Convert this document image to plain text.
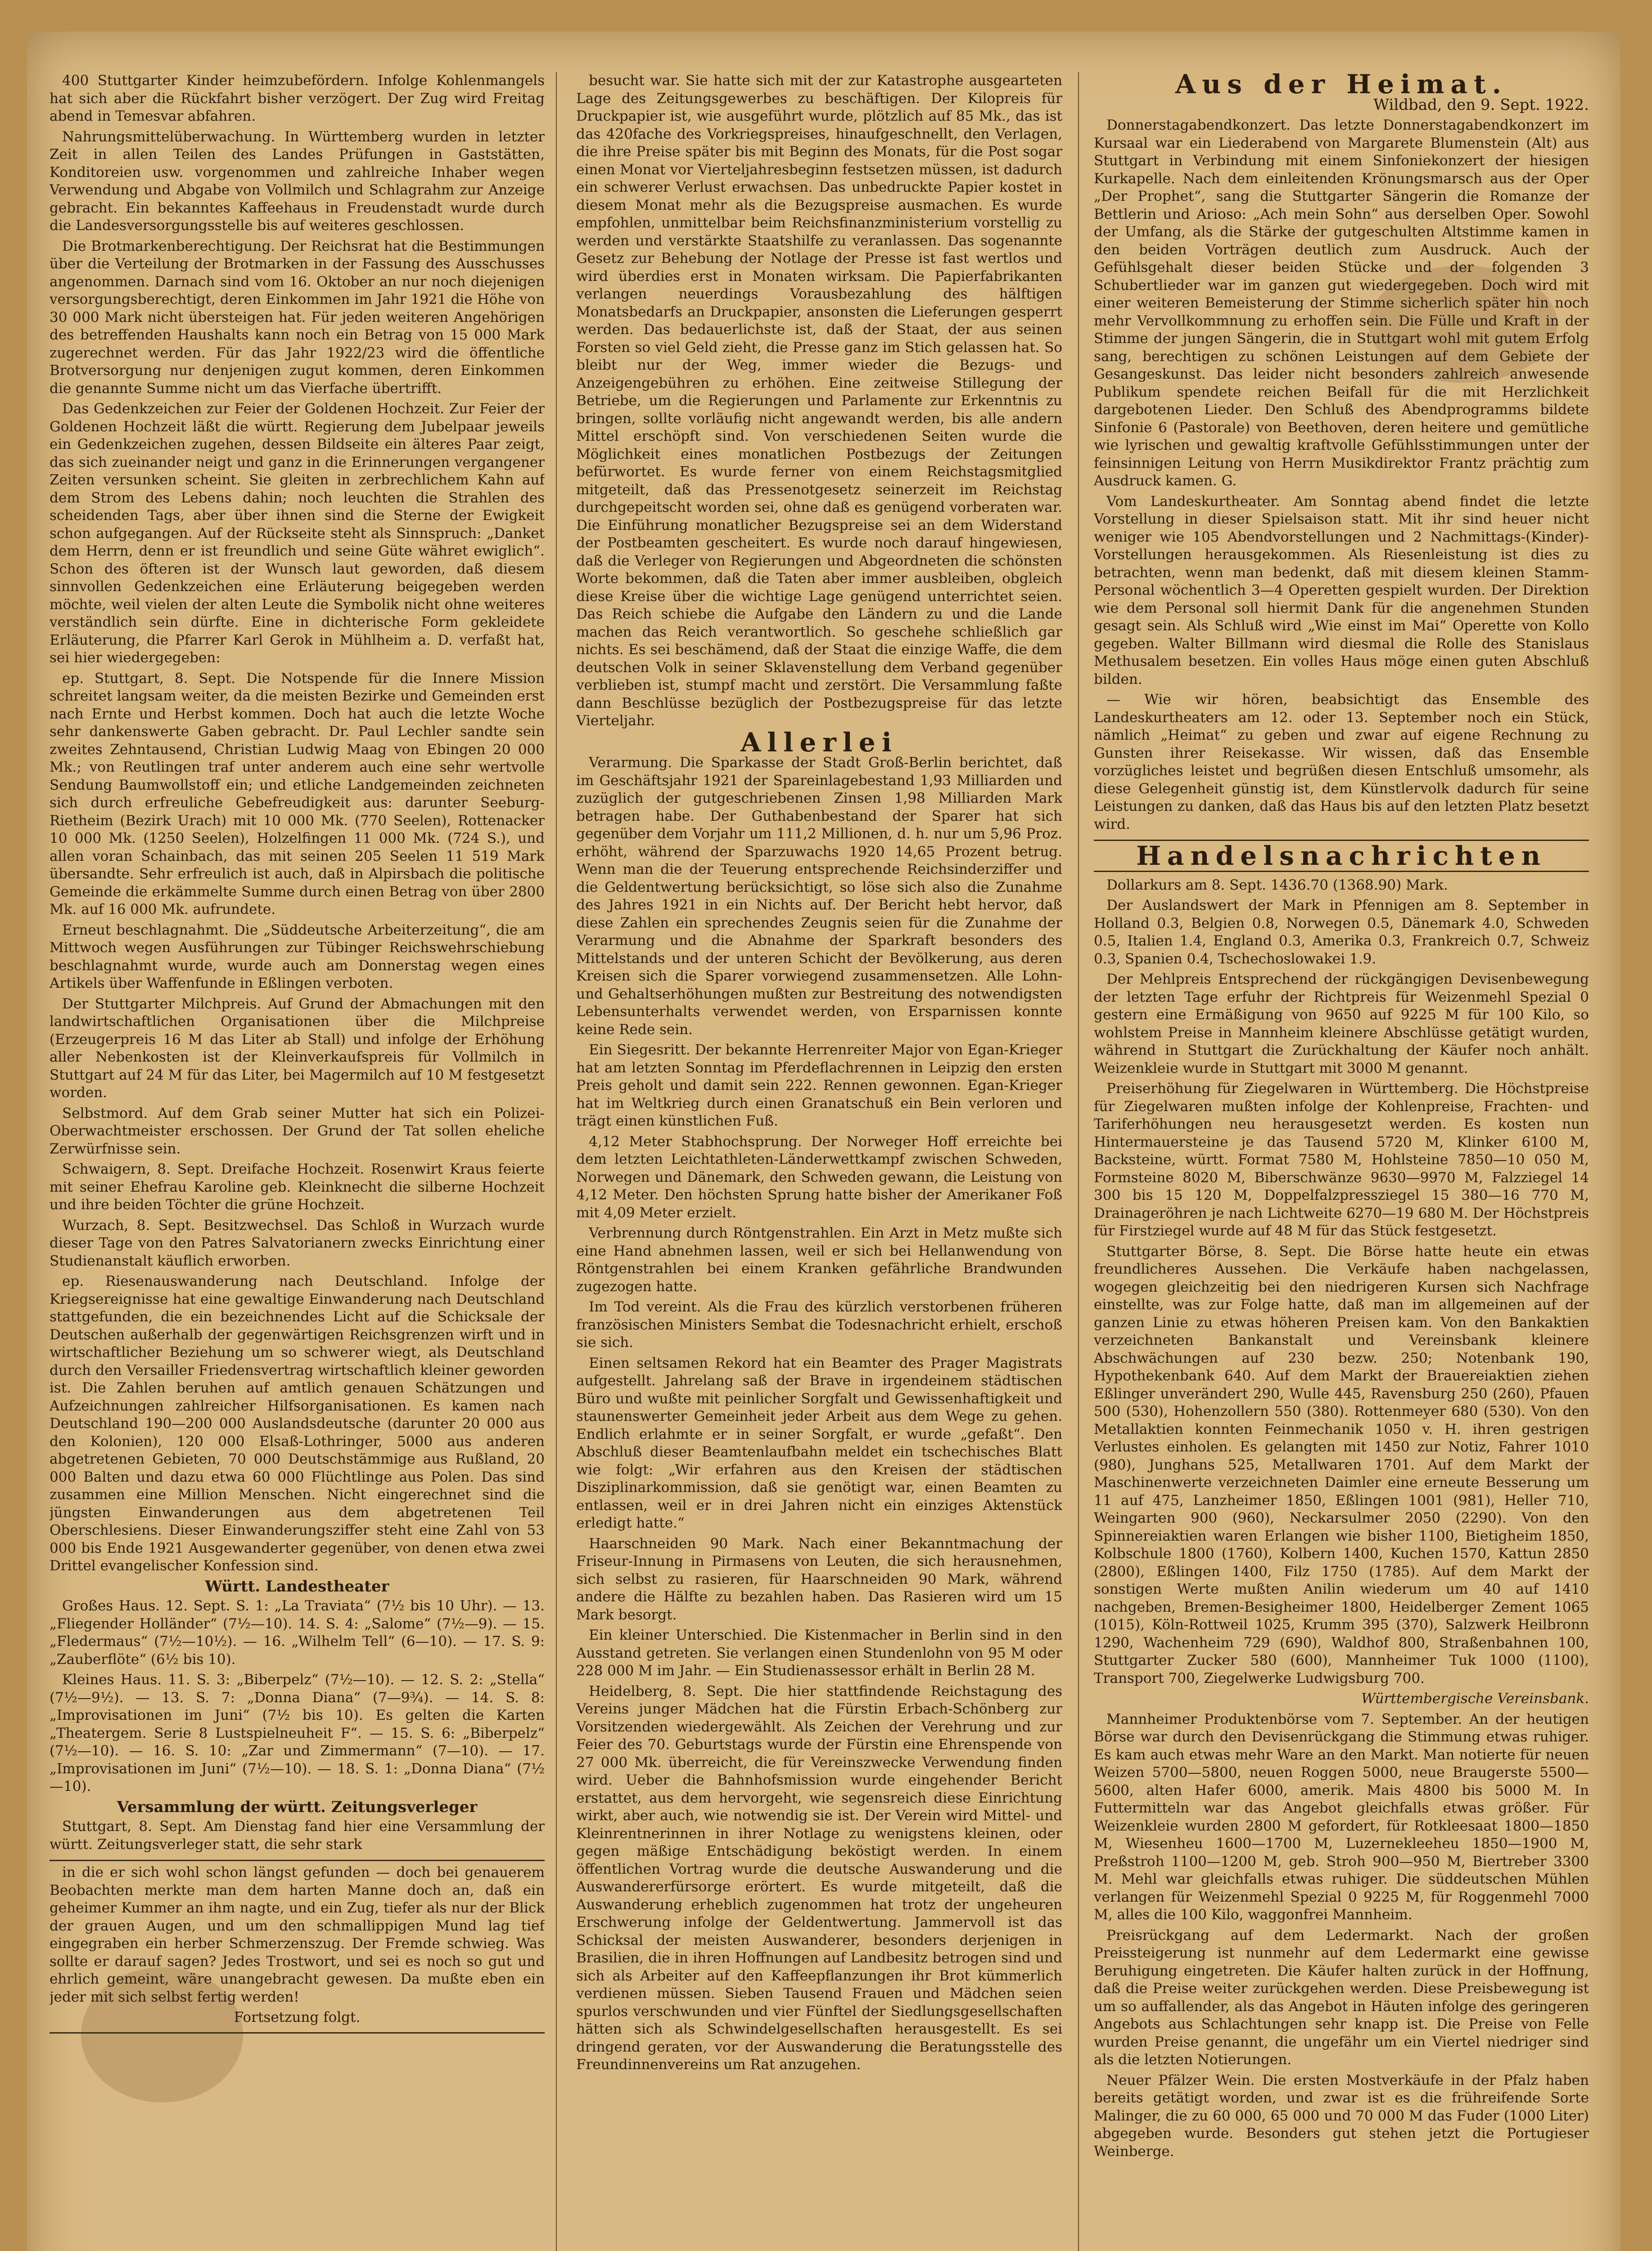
400 Stuttgarter Kinder heimzubefördern. Infolge Kohlenmangels hat sich aber die Rückfahrt bisher verzögert. Der Zug wird Freitag abend in Temesvar abfahren.

Nahrungsmittelüberwachung. In Württemberg wurden in letzter Zeit in allen Teilen des Landes Prüfungen in Gaststätten, Konditoreien usw. vorgenommen und zahlreiche Inhaber wegen Verwendung und Abgabe von Vollmilch und Schlagrahm zur Anzeige gebracht. Ein bekanntes Kaffeehaus in Freudenstadt wurde durch die Landesversorgungsstelle bis auf weiteres geschlossen.

Die Brotmarkenberechtigung. Der Reichsrat hat die Bestimmungen über die Verteilung der Brotmarken in der Fassung des Ausschusses angenommen. Darnach sind vom 16. Oktober an nur noch diejenigen versorgungsberechtigt, deren Einkommen im Jahr 1921 die Höhe von 30 000 Mark nicht übersteigen hat. Für jeden weiteren Angehörigen des betreffenden Haushalts kann noch ein Betrag von 15 000 Mark zugerechnet werden. Für das Jahr 1922/23 wird die öffentliche Brotversorgung nur denjenigen zugut kommen, deren Einkommen die genannte Summe nicht um das Vierfache übertrifft.

Das Gedenkzeichen zur Feier der Goldenen Hochzeit. Zur Feier der Goldenen Hochzeit läßt die württ. Regierung dem Jubelpaar jeweils ein Gedenkzeichen zugehen, dessen Bildseite ein älteres Paar zeigt, das sich zueinander neigt und ganz in die Erinnerungen vergangener Zeiten versunken scheint. Sie gleiten in zerbrechlichem Kahn auf dem Strom des Lebens dahin; noch leuchten die Strahlen des scheidenden Tags, aber über ihnen sind die Sterne der Ewigkeit schon aufgegangen. Auf der Rückseite steht als Sinnspruch: „Danket dem Herrn, denn er ist freundlich und seine Güte währet ewiglich“. Schon des öfteren ist der Wunsch laut geworden, daß diesem sinnvollen Gedenkzeichen eine Erläuterung beigegeben werden möchte, weil vielen der alten Leute die Symbolik nicht ohne weiteres verständlich sein dürfte. Eine in dichterische Form gekleidete Erläuterung, die Pfarrer Karl Gerok in Mühlheim a. D. verfaßt hat, sei hier wiedergegeben:

ep. Stuttgart, 8. Sept. Die Notspende für die Innere Mission schreitet langsam weiter, da die meisten Bezirke und Gemeinden erst nach Ernte und Herbst kommen. Doch hat auch die letzte Woche sehr dankenswerte Gaben gebracht. Dr. Paul Lechler sandte sein zweites Zehntausend, Christian Ludwig Maag von Ebingen 20 000 Mk.; von Reutlingen traf unter anderem auch eine sehr wertvolle Sendung Baumwollstoff ein; und etliche Landgemeinden zeichneten sich durch erfreuliche Gebefreudigkeit aus: darunter Seeburg-Rietheim (Bezirk Urach) mit 10 000 Mk. (770 Seelen), Rottenacker 10 000 Mk. (1250 Seelen), Holzelfingen 11 000 Mk. (724 S.), und allen voran Schainbach, das mit seinen 205 Seelen 11 519 Mark übersandte. Sehr erfreulich ist auch, daß in Alpirsbach die politische Gemeinde die erkämmelte Summe durch einen Betrag von über 2800 Mk. auf 16 000 Mk. aufrundete.

Erneut beschlagnahmt. Die „Süddeutsche Arbeiterzeitung“, die am Mittwoch wegen Ausführungen zur Tübinger Reichswehrschiebung beschlagnahmt wurde, wurde auch am Donnerstag wegen eines Artikels über Waffenfunde in Eßlingen verboten.

Der Stuttgarter Milchpreis. Auf Grund der Abmachungen mit den landwirtschaftlichen Organisationen über die Milchpreise (Erzeugerpreis 16 M das Liter ab Stall) und infolge der Erhöhung aller Nebenkosten ist der Kleinverkaufspreis für Vollmilch in Stuttgart auf 24 M für das Liter, bei Magermilch auf 10 M festgesetzt worden.

Selbstmord. Auf dem Grab seiner Mutter hat sich ein Polizei-Oberwachtmeister erschossen. Der Grund der Tat sollen eheliche Zerwürfnisse sein.

Schwaigern, 8. Sept. Dreifache Hochzeit. Rosenwirt Kraus feierte mit seiner Ehefrau Karoline geb. Kleinknecht die silberne Hochzeit und ihre beiden Töchter die grüne Hochzeit.

Wurzach, 8. Sept. Besitzwechsel. Das Schloß in Wurzach wurde dieser Tage von den Patres Salvatorianern zwecks Einrichtung einer Studienanstalt käuflich erworben.

ep. Riesenauswanderung nach Deutschland. Infolge der Kriegsereignisse hat eine gewaltige Einwanderung nach Deutschland stattgefunden, die ein bezeichnendes Licht auf die Schicksale der Deutschen außerhalb der gegenwärtigen Reichsgrenzen wirft und in wirtschaftlicher Beziehung um so schwerer wiegt, als Deutschland durch den Versailler Friedensvertrag wirtschaftlich kleiner geworden ist. Die Zahlen beruhen auf amtlich genauen Schätzungen und Aufzeichnungen zahlreicher Hilfsorganisationen. Es kamen nach Deutschland 190—200 000 Auslandsdeutsche (darunter 20 000 aus den Kolonien), 120 000 Elsaß-Lothringer, 5000 aus anderen abgetretenen Gebieten, 70 000 Deutschstämmige aus Rußland, 20 000 Balten und dazu etwa 60 000 Flüchtlinge aus Polen. Das sind zusammen eine Million Menschen. Nicht eingerechnet sind die jüngsten Einwanderungen aus dem abgetretenen Teil Oberschlesiens. Dieser Einwanderungsziffer steht eine Zahl von 53 000 bis Ende 1921 Ausgewanderter gegenüber, von denen etwa zwei Drittel evangelischer Konfession sind.

Württ. Landestheater

Großes Haus. 12. Sept. S. 1: „La Traviata“ (7½ bis 10 Uhr). — 13. „Fliegender Holländer“ (7½—10). 14. S. 4: „Salome“ (7½—9). — 15. „Fledermaus“ (7½—10½). — 16. „Wilhelm Tell“ (6—10). — 17. S. 9: „Zauberflöte“ (6½ bis 10).

Kleines Haus. 11. S. 3: „Biberpelz“ (7½—10). — 12. S. 2: „Stella“ (7½—9½). — 13. S. 7: „Donna Diana“ (7—9¾). — 14. S. 8: „Improvisationen im Juni“ (7½ bis 10). Es gelten die Karten „Theatergem. Serie 8 Lustspielneuheit F“. — 15. S. 6: „Biberpelz“ (7½—10). — 16. S. 10: „Zar und Zimmermann“ (7—10). — 17. „Improvisationen im Juni“ (7½—10). — 18. S. 1: „Donna Diana“ (7½—10).

Versammlung der württ. Zeitungsverleger

Stuttgart, 8. Sept. Am Dienstag fand hier eine Versammlung der württ. Zeitungsverleger statt, die sehr stark

in die er sich wohl schon längst gefunden — doch bei genauerem Beobachten merkte man dem harten Manne doch an, daß ein geheimer Kummer an ihm nagte, und ein Zug, tiefer als nur der Blick der grauen Augen, und um den schmallippigen Mund lag tief eingegraben ein herber Schmerzenszug. Der Fremde schwieg. Was sollte er darauf sagen? Jedes Trostwort, und sei es noch so gut und ehrlich gemeint, wäre unangebracht gewesen. Da mußte eben ein jeder mit sich selbst fertig werden!

Fortsetzung folgt.

besucht war. Sie hatte sich mit der zur Katastrophe ausgearteten Lage des Zeitungsgewerbes zu beschäftigen. Der Kilopreis für Druckpapier ist, wie ausgeführt wurde, plötzlich auf 85 Mk., das ist das 420fache des Vorkriegspreises, hinaufgeschnellt, den Verlagen, die ihre Preise später bis mit Beginn des Monats, für die Post sogar einen Monat vor Vierteljahresbeginn festsetzen müssen, ist dadurch ein schwerer Verlust erwachsen. Das unbedruckte Papier kostet in diesem Monat mehr als die Bezugspreise ausmachen. Es wurde empfohlen, unmittelbar beim Reichsfinanzministerium vorstellig zu werden und verstärkte Staatshilfe zu veranlassen. Das sogenannte Gesetz zur Behebung der Notlage der Presse ist fast wertlos und wird überdies erst in Monaten wirksam. Die Papierfabrikanten verlangen neuerdings Vorausbezahlung des hälftigen Monatsbedarfs an Druckpapier, ansonsten die Lieferungen gesperrt werden. Das bedauerlichste ist, daß der Staat, der aus seinen Forsten so viel Geld zieht, die Presse ganz im Stich gelassen hat. So bleibt nur der Weg, immer wieder die Bezugs- und Anzeigengebühren zu erhöhen. Eine zeitweise Stillegung der Betriebe, um die Regierungen und Parlamente zur Erkenntnis zu bringen, sollte vorläufig nicht angewandt werden, bis alle andern Mittel erschöpft sind. Von verschiedenen Seiten wurde die Möglichkeit eines monatlichen Postbezugs der Zeitungen befürwortet. Es wurde ferner von einem Reichstagsmitglied mitgeteilt, daß das Pressenotgesetz seinerzeit im Reichstag durchgepeitscht worden sei, ohne daß es genügend vorberaten war. Die Einführung monatlicher Bezugspreise sei an dem Widerstand der Postbeamten gescheitert. Es wurde noch darauf hingewiesen, daß die Verleger von Regierungen und Abgeordneten die schönsten Worte bekommen, daß die Taten aber immer ausbleiben, obgleich diese Kreise über die wichtige Lage genügend unterrichtet seien. Das Reich schiebe die Aufgabe den Ländern zu und die Lande machen das Reich verantwortlich. So geschehe schließlich gar nichts. Es sei beschämend, daß der Staat die einzige Waffe, die dem deutschen Volk in seiner Sklavenstellung dem Verband gegenüber verblieben ist, stumpf macht und zerstört. Die Versammlung faßte dann Beschlüsse bezüglich der Postbezugspreise für das letzte Vierteljahr.

Allerlei

Verarmung. Die Sparkasse der Stadt Groß-Berlin berichtet, daß im Geschäftsjahr 1921 der Spareinlagebestand 1,93 Milliarden und zuzüglich der gutgeschriebenen Zinsen 1,98 Milliarden Mark betragen habe. Der Guthabenbestand der Sparer hat sich gegenüber dem Vorjahr um 111,2 Millionen, d. h. nur um 5,96 Proz. erhöht, während der Sparzuwachs 1920 14,65 Prozent betrug. Wenn man die der Teuerung entsprechende Reichsinderziffer und die Geldentwertung berücksichtigt, so löse sich also die Zunahme des Jahres 1921 in ein Nichts auf. Der Bericht hebt hervor, daß diese Zahlen ein sprechendes Zeugnis seien für die Zunahme der Verarmung und die Abnahme der Sparkraft besonders des Mittelstands und der unteren Schicht der Bevölkerung, aus deren Kreisen sich die Sparer vorwiegend zusammensetzen. Alle Lohn- und Gehaltserhöhungen mußten zur Bestreitung des notwendigsten Lebensunterhalts verwendet werden, von Ersparnissen konnte keine Rede sein.

Ein Siegesritt. Der bekannte Herrenreiter Major von Egan-Krieger hat am letzten Sonntag im Pferdeflachrennen in Leipzig den ersten Preis geholt und damit sein 222. Rennen gewonnen. Egan-Krieger hat im Weltkrieg durch einen Granatschuß ein Bein verloren und trägt einen künstlichen Fuß.

4,12 Meter Stabhochsprung. Der Norweger Hoff erreichte bei dem letzten Leichtathleten-Länderwettkampf zwischen Schweden, Norwegen und Dänemark, den Schweden gewann, die Leistung von 4,12 Meter. Den höchsten Sprung hatte bisher der Amerikaner Foß mit 4,09 Meter erzielt.

Verbrennung durch Röntgenstrahlen. Ein Arzt in Metz mußte sich eine Hand abnehmen lassen, weil er sich bei Hellanwendung von Röntgenstrahlen bei einem Kranken gefährliche Brandwunden zugezogen hatte.

Im Tod vereint. Als die Frau des kürzlich verstorbenen früheren französischen Ministers Sembat die Todesnachricht erhielt, erschoß sie sich.

Einen seltsamen Rekord hat ein Beamter des Prager Magistrats aufgestellt. Jahrelang saß der Brave in irgendeinem städtischen Büro und wußte mit peinlicher Sorgfalt und Gewissenhaftigkeit und staunenswerter Gemeinheit jeder Arbeit aus dem Wege zu gehen. Endlich erlahmte er in seiner Sorgfalt, er wurde „gefaßt“. Den Abschluß dieser Beamtenlaufbahn meldet ein tschechisches Blatt wie folgt: „Wir erfahren aus den Kreisen der städtischen Disziplinarkommission, daß sie genötigt war, einen Beamten zu entlassen, weil er in drei Jahren nicht ein einziges Aktenstück erledigt hatte.“

Haarschneiden 90 Mark. Nach einer Bekanntmachung der Friseur-Innung in Pirmasens von Leuten, die sich herausnehmen, sich selbst zu rasieren, für Haarschneiden 90 Mark, während andere die Hälfte zu bezahlen haben. Das Rasieren wird um 15 Mark besorgt.

Ein kleiner Unterschied. Die Kistenmacher in Berlin sind in den Ausstand getreten. Sie verlangen einen Stundenlohn von 95 M oder 228 000 M im Jahr. — Ein Studienassessor erhält in Berlin 28 M.

Heidelberg, 8. Sept. Die hier stattfindende Reichstagung des Vereins junger Mädchen hat die Fürstin Erbach-Schönberg zur Vorsitzenden wiedergewählt. Als Zeichen der Verehrung und zur Feier des 70. Geburtstags wurde der Fürstin eine Ehrenspende von 27 000 Mk. überreicht, die für Vereinszwecke Verwendung finden wird. Ueber die Bahnhofsmission wurde eingehender Bericht erstattet, aus dem hervorgeht, wie segensreich diese Einrichtung wirkt, aber auch, wie notwendig sie ist. Der Verein wird Mittel- und Kleinrentnerinnen in ihrer Notlage zu wenigstens kleinen, oder gegen mäßige Entschädigung beköstigt werden. In einem öffentlichen Vortrag wurde die deutsche Auswanderung und die Auswandererfürsorge erörtert. Es wurde mitgeteilt, daß die Auswanderung erheblich zugenommen hat trotz der ungeheuren Erschwerung infolge der Geldentwertung. Jammervoll ist das Schicksal der meisten Auswanderer, besonders derjenigen in Brasilien, die in ihren Hoffnungen auf Landbesitz betrogen sind und sich als Arbeiter auf den Kaffeepflanzungen ihr Brot kümmerlich verdienen müssen. Sieben Tausend Frauen und Mädchen seien spurlos verschwunden und vier Fünftel der Siedlungsgesellschaften hätten sich als Schwindelgesellschaften herausgestellt. Es sei dringend geraten, vor der Auswanderung die Beratungsstelle des Freundinnenvereins um Rat anzugehen.

Aus der Heimat.
Wildbad, den 9. Sept. 1922.

Donnerstagabendkonzert. Das letzte Donnerstagabendkonzert im Kursaal war ein Liederabend von Margarete Blumenstein (Alt) aus Stuttgart in Verbindung mit einem Sinfoniekonzert der hiesigen Kurkapelle. Nach dem einleitenden Krönungsmarsch aus der Oper „Der Prophet“, sang die Stuttgarter Sängerin die Romanze der Bettlerin und Arioso: „Ach mein Sohn“ aus derselben Oper. Sowohl der Umfang, als die Stärke der gutgeschulten Altstimme kamen in den beiden Vorträgen deutlich zum Ausdruck. Auch der Gefühlsgehalt dieser beiden Stücke und der folgenden 3 Schubertlieder war im ganzen gut wiedergegeben. Doch wird mit einer weiteren Bemeisterung der Stimme sicherlich später hin noch mehr Vervollkommnung zu erhoffen sein. Die Fülle und Kraft in der Stimme der jungen Sängerin, die in Stuttgart wohl mit gutem Erfolg sang, berechtigen zu schönen Leistungen auf dem Gebiete der Gesangeskunst. Das leider nicht besonders zahlreich anwesende Publikum spendete reichen Beifall für die mit Herzlichkeit dargebotenen Lieder. Den Schluß des Abendprogramms bildete Sinfonie 6 (Pastorale) von Beethoven, deren heitere und gemütliche wie lyrischen und gewaltig kraftvolle Gefühlsstimmungen unter der feinsinnigen Leitung von Herrn Musikdirektor Frantz prächtig zum Ausdruck kamen. G.

Vom Landeskurtheater. Am Sonntag abend findet die letzte Vorstellung in dieser Spielsaison statt. Mit ihr sind heuer nicht weniger wie 105 Abendvorstellungen und 2 Nachmittags-(Kinder)-Vorstellungen herausgekommen. Als Riesenleistung ist dies zu betrachten, wenn man bedenkt, daß mit diesem kleinen Stamm-Personal wöchentlich 3—4 Operetten gespielt wurden. Der Direktion wie dem Personal soll hiermit Dank für die angenehmen Stunden gesagt sein. Als Schluß wird „Wie einst im Mai“ Operette von Kollo gegeben. Walter Billmann wird diesmal die Rolle des Stanislaus Methusalem besetzen. Ein volles Haus möge einen guten Abschluß bilden.

— Wie wir hören, beabsichtigt das Ensemble des Landeskurtheaters am 12. oder 13. September noch ein Stück, nämlich „Heimat“ zu geben und zwar auf eigene Rechnung zu Gunsten ihrer Reisekasse. Wir wissen, daß das Ensemble vorzügliches leistet und begrüßen diesen Entschluß umsomehr, als diese Gelegenheit günstig ist, dem Künstlervolk dadurch für seine Leistungen zu danken, daß das Haus bis auf den letzten Platz besetzt wird.

Handelsnachrichten

Dollarkurs am 8. Sept. 1436.70 (1368.90) Mark.

Der Auslandswert der Mark in Pfennigen am 8. September in Holland 0.3, Belgien 0.8, Norwegen 0.5, Dänemark 4.0, Schweden 0.5, Italien 1.4, England 0.3, Amerika 0.3, Frankreich 0.7, Schweiz 0.3, Spanien 0.4, Tschechoslowakei 1.9.

Der Mehlpreis Entsprechend der rückgängigen Devisenbewegung der letzten Tage erfuhr der Richtpreis für Weizenmehl Spezial 0 gestern eine Ermäßigung von 9650 auf 9225 M für 100 Kilo, so wohlstem Preise in Mannheim kleinere Abschlüsse getätigt wurden, während in Stuttgart die Zurückhaltung der Käufer noch anhält. Weizenkleie wurde in Stuttgart mit 3000 M genannt.

Preiserhöhung für Ziegelwaren in Württemberg. Die Höchstpreise für Ziegelwaren mußten infolge der Kohlenpreise, Frachten- und Tariferhöhungen neu herausgesetzt werden. Es kosten nun Hintermauersteine je das Tausend 5720 M, Klinker 6100 M, Backsteine, württ. Format 7580 M, Hohlsteine 7850—10 050 M, Formsteine 8020 M, Biberschwänze 9630—9970 M, Falzziegel 14 300 bis 15 120 M, Doppelfalzpressziegel 15 380—16 770 M, Drainageröhren je nach Lichtweite 6270—19 680 M. Der Höchstpreis für Firstziegel wurde auf 48 M für das Stück festgesetzt.

Stuttgarter Börse, 8. Sept. Die Börse hatte heute ein etwas freundlicheres Aussehen. Die Verkäufe haben nachgelassen, wogegen gleichzeitig bei den niedrigeren Kursen sich Nachfrage einstellte, was zur Folge hatte, daß man im allgemeinen auf der ganzen Linie zu etwas höheren Preisen kam. Von den Bankaktien verzeichneten Bankanstalt und Vereinsbank kleinere Abschwächungen auf 230 bezw. 250; Notenbank 190, Hypothekenbank 640. Auf dem Markt der Brauereiaktien ziehen Eßlinger unverändert 290, Wulle 445, Ravensburg 250 (260), Pfauen 500 (530), Hohenzollern 550 (380). Rottenmeyer 680 (530). Von den Metallaktien konnten Feinmechanik 1050 v. H. ihren gestrigen Verlustes einholen. Es gelangten mit 1450 zur Notiz, Fahrer 1010 (980), Junghans 525, Metallwaren 1701. Auf dem Markt der Maschinenwerte verzeichneten Daimler eine erneute Besserung um 11 auf 475, Lanzheimer 1850, Eßlingen 1001 (981), Heller 710, Weingarten 900 (960), Neckarsulmer 2050 (2290). Von den Spinnereiaktien waren Erlangen wie bisher 1100, Bietigheim 1850, Kolbschule 1800 (1760), Kolbern 1400, Kuchen 1570, Kattun 2850 (2800), Eßlingen 1400, Filz 1750 (1785). Auf dem Markt der sonstigen Werte mußten Anilin wiederum um 40 auf 1410 nachgeben, Bremen-Besigheimer 1800, Heidelberger Zement 1065 (1015), Köln-Rottweil 1025, Krumm 395 (370), Salzwerk Heilbronn 1290, Wachenheim 729 (690), Waldhof 800, Straßenbahnen 100, Stuttgarter Zucker 580 (600), Mannheimer Tuk 1000 (1100), Transport 700, Ziegelwerke Ludwigsburg 700.

Württembergische Vereinsbank.

Mannheimer Produktenbörse vom 7. September. An der heutigen Börse war durch den Devisenrückgang die Stimmung etwas ruhiger. Es kam auch etwas mehr Ware an den Markt. Man notierte für neuen Weizen 5700—5800, neuen Roggen 5000, neue Braugerste 5500—5600, alten Hafer 6000, amerik. Mais 4800 bis 5000 M. In Futtermitteln war das Angebot gleichfalls etwas größer. Für Weizenkleie wurden 2800 M gefordert, für Rotkleesaat 1800—1850 M, Wiesenheu 1600—1700 M, Luzernekleeheu 1850—1900 M, Preßstroh 1100—1200 M, geb. Stroh 900—950 M, Biertreber 3300 M. Mehl war gleichfalls etwas ruhiger. Die süddeutschen Mühlen verlangen für Weizenmehl Spezial 0 9225 M, für Roggenmehl 7000 M, alles die 100 Kilo, waggonfrei Mannheim.

Preisrückgang auf dem Ledermarkt. Nach der großen Preissteigerung ist nunmehr auf dem Ledermarkt eine gewisse Beruhigung eingetreten. Die Käufer halten zurück in der Hoffnung, daß die Preise weiter zurückgehen werden. Diese Preisbewegung ist um so auffallender, als das Angebot in Häuten infolge des geringeren Angebots aus Schlachtungen sehr knapp ist. Die Preise von Felle wurden Preise genannt, die ungefähr um ein Viertel niedriger sind als die letzten Notierungen.

Neuer Pfälzer Wein. Die ersten Mostverkäufe in der Pfalz haben bereits getätigt worden, und zwar ist es die frühreifende Sorte Malinger, die zu 60 000, 65 000 und 70 000 M das Fuder (1000 Liter) abgegeben wurde. Besonders gut stehen jetzt die Portugieser Weinberge.
